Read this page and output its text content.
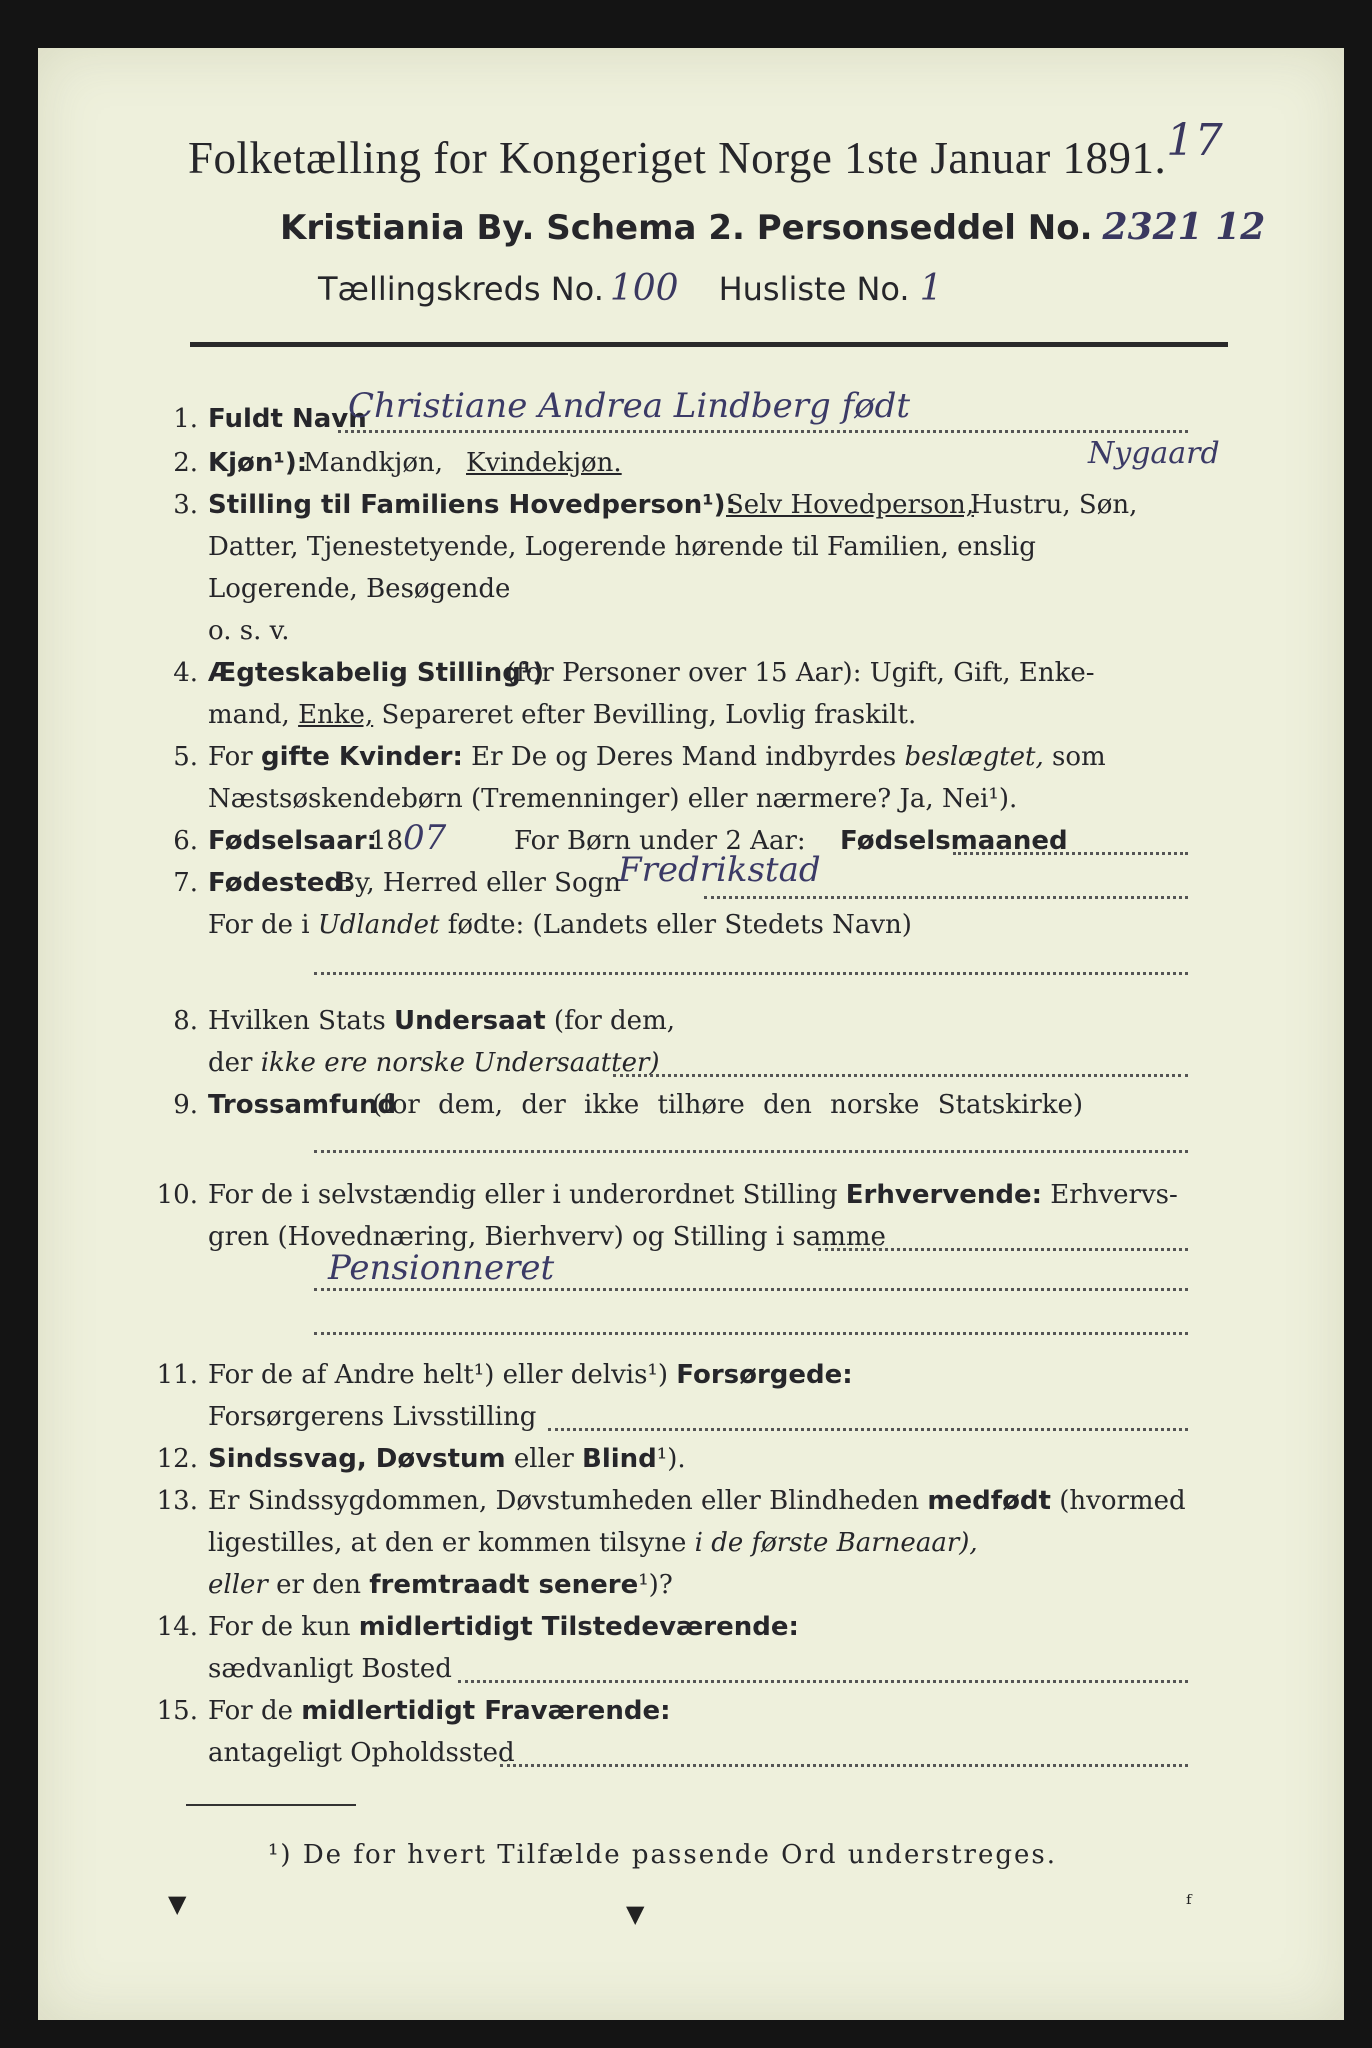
Folketælling for Kongeriget Norge 1ste Januar 1891.17
Kristiania By. Schema 2. Personseddel No. 2321 12
Tællingskreds No. 100 Husliste No. 1
1. Fuldt Navn
Christiane Andrea Lindberg født
Nygaard
2. Kjøn¹):
Mandkjøn, Kvindekjøn.
3. Stilling til Familiens Hovedperson¹):
Selv Hovedperson,
Hustru, Søn,
Datter, Tjenestetyende, Logerende hørende til Familien, enslig
Logerende, Besøgende
o. s. v.
4. Ægteskabelig Stilling¹)
(for Personer over 15 Aar): Ugift, Gift, Enke-
mand, Enke, Separeret efter Bevilling, Lovlig fraskilt.
5. For gifte Kvinder: Er De og Deres Mand indbyrdes beslægtet, som
Næstsøskendebørn (Tremenninger) eller nærmere? Ja, Nei¹).
6. Fødselsaar:
18 07	For Børn under 2 Aar: Fødselsmaaned
7. Fødested:
By, Herred eller Sogn
Fredrikstad
For de i Udlandet fødte: (Landets eller Stedets Navn)
8. Hvilken Stats Undersaat (for dem,
der ikke ere norske Undersaatter)
9. Trossamfund
(for dem, der ikke tilhøre den norske Statskirke)
10. For de i selvstændig eller i underordnet Stilling Erhvervende: Erhvervs-
gren (Hovednæring, Bierhverv) og Stilling i samme
Pensionneret
11. For de af Andre helt¹) eller delvis¹) Forsørgede:
Forsørgerens Livsstilling
12. Sindssvag, Døvstum eller Blind¹).
13. Er Sindssygdommen, Døvstumheden eller Blindheden medfødt (hvormed
ligestilles, at den er kommen tilsyne i de første Barneaar),
eller er den fremtraadt senere¹)?
14. For de kun midlertidigt Tilstedeværende:
sædvanligt Bosted
15. For de midlertidigt Fraværende:
antageligt Opholdssted
¹) De for hvert Tilfælde passende Ord understreges.
▼	▼	ᶠ
